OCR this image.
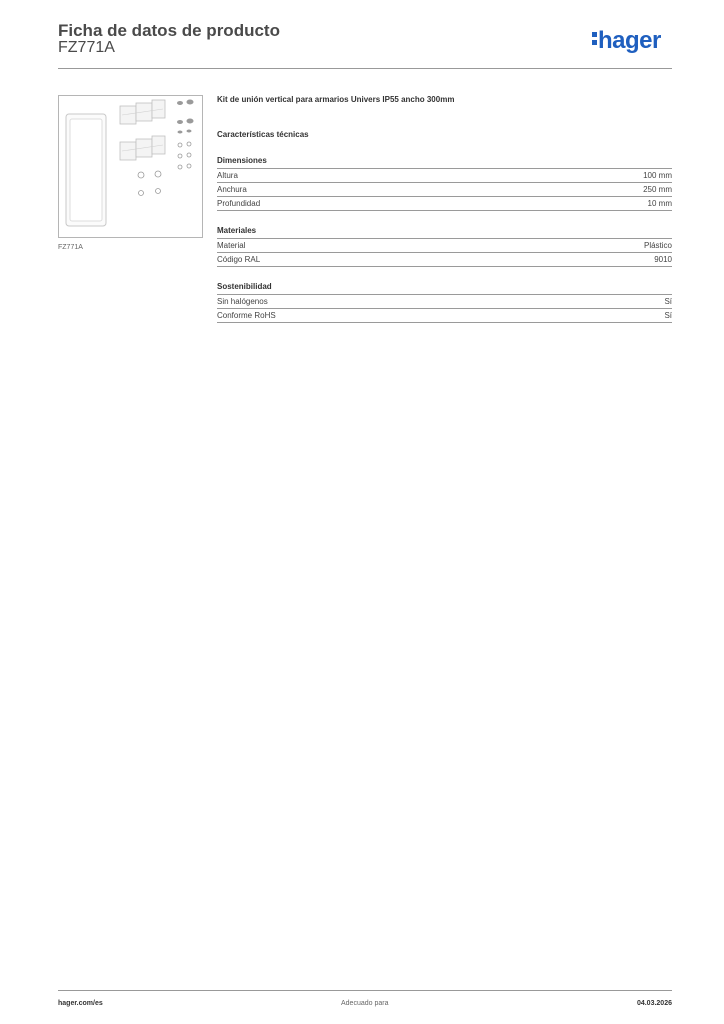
Ficha de datos de producto
FZ771A	hager
FZ771A
Kit de unión vertical para armarios Univers IP55 ancho 300mm
Características técnicas
Dimensiones
Altura	100 mm
Anchura	250 mm
Profundidad	10 mm
Materiales
Material	Plástico
Código RAL	9010
Sostenibilidad
Sin halógenos	Sí
Conforme RoHS	Sí
hager.com/es	Adecuado para	04.03.2026
